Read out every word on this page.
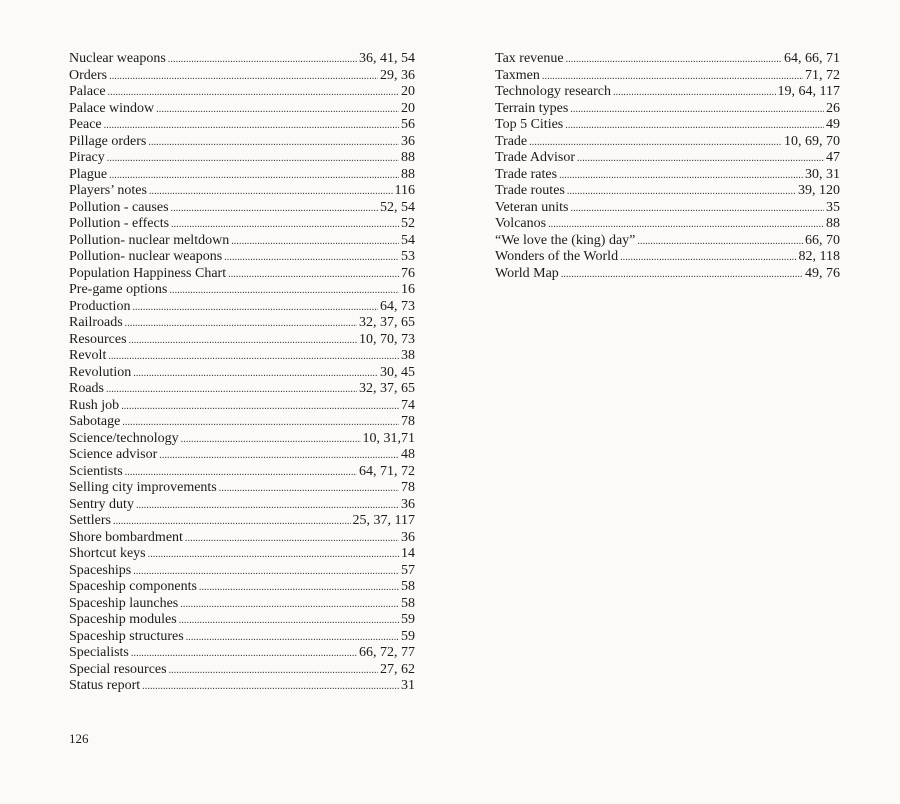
Nuclear weapons . . .	36, 41, 54
Orders . . .	29, 36
Palace . . .	20
Palace window . . .	20
Peace . . .	56
Pillage orders . . .	36
Piracy . . .	88
Plague . . .	88
Players’ notes . . .	116
Pollution - causes . . .	52, 54
Pollution - effects . . .	52
Pollution- nuclear meltdown . . .	54
Pollution- nuclear weapons . . .	53
Population Happiness Chart . . .	76
Pre-game options . . .	16
Production . . .	64, 73
Railroads . . .	32, 37, 65
Resources . . .	10, 70, 73
Revolt . . .	38
Revolution . . .	30, 45
Roads . . .	32, 37, 65
Rush job . . .	74
Sabotage . . .	78
Science/technology . . .	10, 31,71
Science advisor . . .	48
Scientists . . .	64, 71, 72
Selling city improvements . . .	78
Sentry duty . . .	36
Settlers . . .	25, 37, 117
Shore bombardment . . .	36
Shortcut keys . . .	14
Spaceships . . .	57
Spaceship components . . .	58
Spaceship launches . . .	58
Spaceship modules . . .	59
Spaceship structures . . .	59
Specialists . . .	66, 72, 77
Special resources . . .	27, 62
Status report . . .	31
Tax revenue . . .	64, 66, 71
Taxmen . . .	71, 72
Technology research . . .	19, 64, 117
Terrain types . . .	26
Top 5 Cities . . .	49
Trade . . .	10, 69, 70
Trade Advisor . . .	47
Trade rates . . .	30, 31
Trade routes . . .	39, 120
Veteran units . . .	35
Volcanos . . .	88
“We love the (king) day” . . .	66, 70
Wonders of the World . . .	82, 118
World Map . . .	49, 76
126
